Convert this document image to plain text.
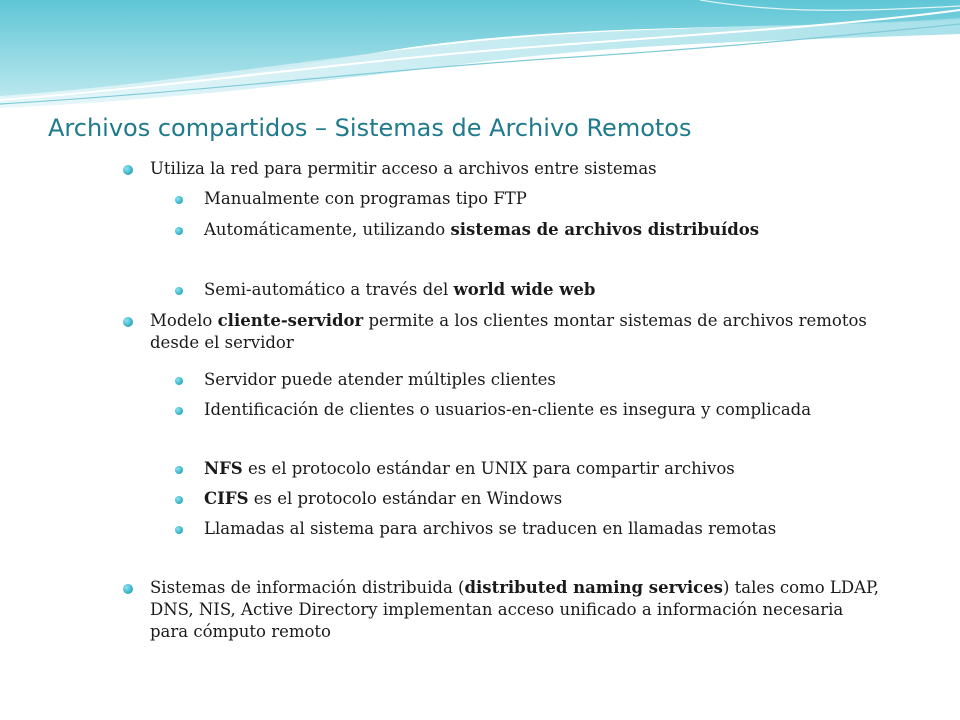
Archivos compartidos – Sistemas de Archivo Remotos
Utiliza la red para permitir acceso a archivos entre sistemas
Manualmente con programas tipo FTP
Automáticamente, utilizando sistemas de archivos distribuídos
Semi-automático a través del world wide web
Modelo cliente-servidor permite a los clientes montar sistemas de archivos remotos desde el servidor
Servidor puede atender múltiples clientes
Identificación de clientes o usuarios-en-cliente es insegura y complicada
NFS es el protocolo estándar en UNIX para compartir archivos
CIFS es el protocolo estándar en Windows
Llamadas al sistema para archivos se traducen en llamadas remotas
Sistemas de información distribuida (distributed naming services) tales como LDAP, DNS, NIS, Active Directory implementan acceso unificado a información necesaria para cómputo remoto
